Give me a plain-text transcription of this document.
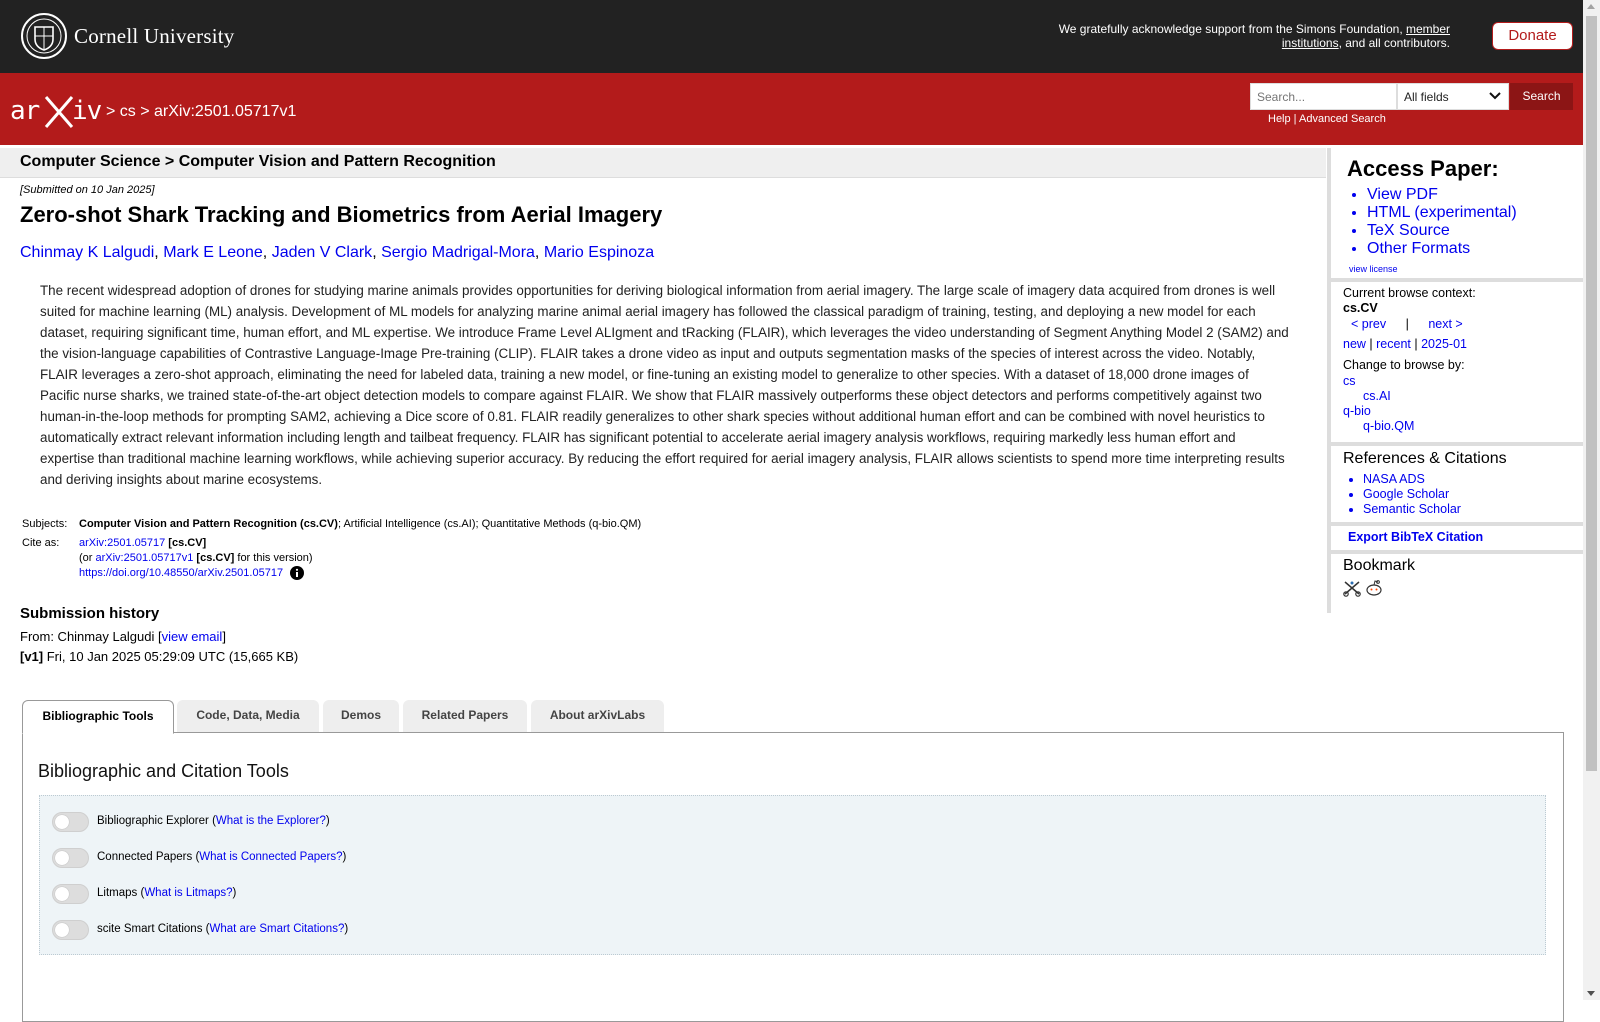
Cornell University	We gratefully acknowledge support from the Simons Foundation, member institutions, and all contributors.	Donate
ar iv > cs > arXiv:2501.05717v1
Search...
All fields	Search
Help | Advanced Search
Computer Science > Computer Vision and Pattern Recognition
[Submitted on 10 Jan 2025]
Zero-shot Shark Tracking and Biometrics from Aerial Imagery
Chinmay K Lalgudi, Mark E Leone, Jaden V Clark, Sergio Madrigal-Mora, Mario Espinoza
The recent widespread adoption of drones for studying marine animals provides opportunities for deriving biological information from aerial imagery. The large scale of imagery data acquired from drones is well suited for machine learning (ML) analysis. Development of ML models for analyzing marine animal aerial imagery has followed the classical paradigm of training, testing, and deploying a new model for each dataset, requiring significant time, human effort, and ML expertise. We introduce Frame Level ALIgment and tRacking (FLAIR), which leverages the video understanding of Segment Anything Model 2 (SAM2) and the vision-language capabilities of Contrastive Language-Image Pre-training (CLIP). FLAIR takes a drone video as input and outputs segmentation masks of the species of interest across the video. Notably, FLAIR leverages a zero-shot approach, eliminating the need for labeled data, training a new model, or fine-tuning an existing model to generalize to other species. With a dataset of 18,000 drone images of Pacific nurse sharks, we trained state-of-the-art object detection models to compare against FLAIR. We show that FLAIR massively outperforms these object detectors and performs competitively against two human-in-the-loop methods for prompting SAM2, achieving a Dice score of 0.81. FLAIR readily generalizes to other shark species without additional human effort and can be combined with novel heuristics to automatically extract relevant information including length and tailbeat frequency. FLAIR has significant potential to accelerate aerial imagery analysis workflows, requiring markedly less human effort and expertise than traditional machine learning workflows, while achieving superior accuracy. By reducing the effort required for aerial imagery analysis, FLAIR allows scientists to spend more time interpreting results and deriving insights about marine ecosystems.
Subjects:	Computer Vision and Pattern Recognition (cs.CV); Artificial Intelligence (cs.AI); Quantitative Methods (q-bio.QM)
Cite as:	arXiv:2501.05717 [cs.CV]
(or arXiv:2501.05717v1 [cs.CV] for this version)
https://doi.org/10.48550/arXiv.2501.05717
Submission history
From: Chinmay Lalgudi [view email]
[v1] Fri, 10 Jan 2025 05:29:09 UTC (15,665 KB)
Access Paper:
• View PDF
• HTML (experimental)
• TeX Source
• Other Formats
view license
Current browse context:
cs.CV
< prev | next >
new | recent | 2025-01
Change to browse by:
cs
cs.AI
q-bio
q-bio.QM
References & Citations
• NASA ADS
• Google Scholar
• Semantic Scholar
Export BibTeX Citation
Bookmark

Bibliographic Tools	Code, Data, Media	Demos	Related Papers	About arXivLabs
Bibliographic and Citation Tools
Bibliographic Explorer (What is the Explorer?)
Connected Papers (What is Connected Papers?)
Litmaps (What is Litmaps?)
scite Smart Citations (What are Smart Citations?)
